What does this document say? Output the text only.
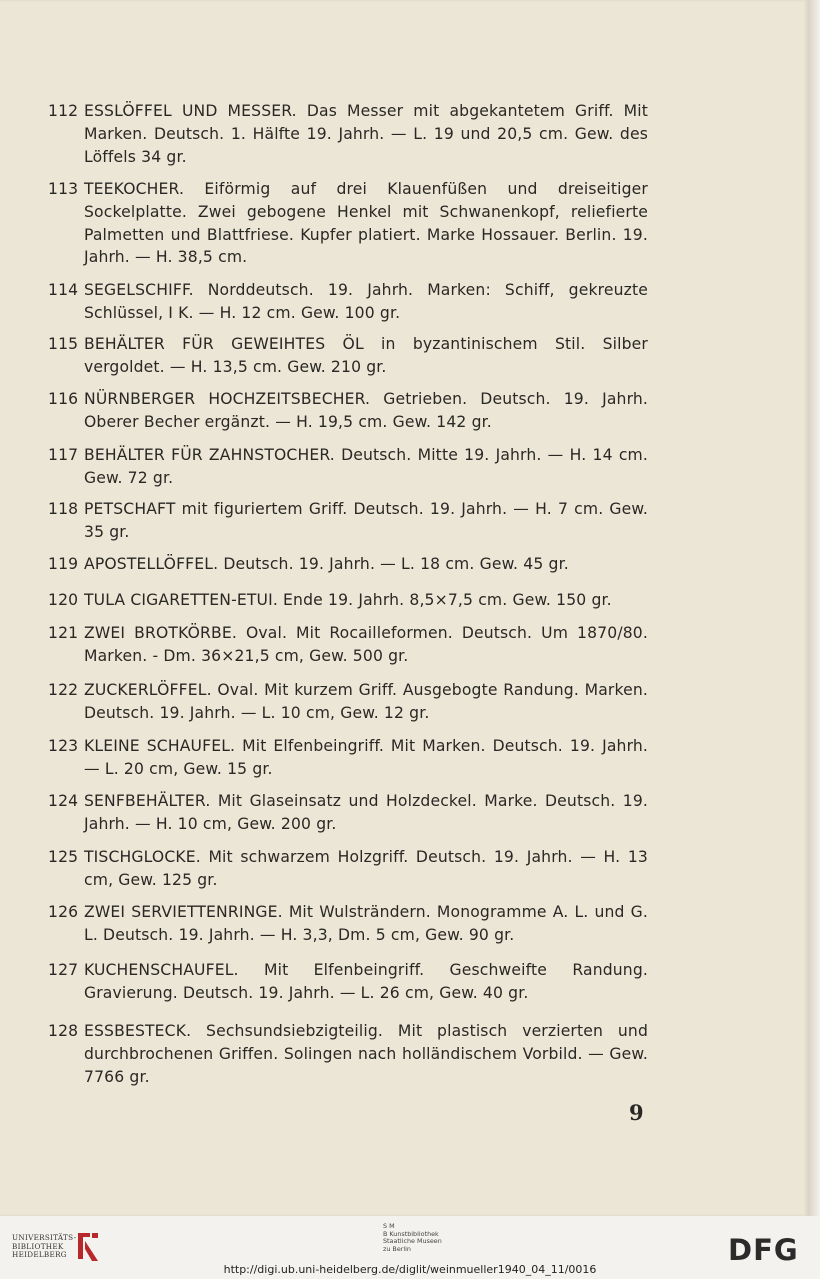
112 ESSLÖFFEL UND MESSER. Das Messer mit abgekantetem Griff. Mit Marken. Deutsch. 1. Hälfte 19. Jahrh. — L. 19 und 20,5 cm. Gew. des Löffels 34 gr.
113 TEEKOCHER. Eiförmig auf drei Klauenfüßen und dreiseitiger Sockelplatte. Zwei gebogene Henkel mit Schwanenkopf, reliefierte Palmetten und Blattfriese. Kupfer platiert. Marke Hossauer. Berlin. 19. Jahrh. — H. 38,5 cm.
114 SEGELSCHIFF. Norddeutsch. 19. Jahrh. Marken: Schiff, gekreuzte Schlüssel, I K. — H. 12 cm. Gew. 100 gr.
115 BEHÄLTER FÜR GEWEIHTES ÖL in byzantinischem Stil. Silber vergoldet. — H. 13,5 cm. Gew. 210 gr.
116 NÜRNBERGER HOCHZEITSBECHER. Getrieben. Deutsch. 19. Jahrh. Oberer Becher ergänzt. — H. 19,5 cm. Gew. 142 gr.
117 BEHÄLTER FÜR ZAHNSTOCHER. Deutsch. Mitte 19. Jahrh. — H. 14 cm. Gew. 72 gr.
118 PETSCHAFT mit figuriertem Griff. Deutsch. 19. Jahrh. — H. 7 cm. Gew. 35 gr.
119 APOSTELLÖFFEL. Deutsch. 19. Jahrh. — L. 18 cm. Gew. 45 gr.
120 TULA CIGARETTEN-ETUI. Ende 19. Jahrh. 8,5×7,5 cm. Gew. 150 gr.
121 ZWEI BROTKÖRBE. Oval. Mit Rocailleformen. Deutsch. Um 1870/80. Marken. - Dm. 36×21,5 cm, Gew. 500 gr.
122 ZUCKERLÖFFEL. Oval. Mit kurzem Griff. Ausgebogte Randung. Marken. Deutsch. 19. Jahrh. — L. 10 cm, Gew. 12 gr.
123 KLEINE SCHAUFEL. Mit Elfenbeingriff. Mit Marken. Deutsch. 19. Jahrh. — L. 20 cm, Gew. 15 gr.
124 SENFBEHÄLTER. Mit Glaseinsatz und Holzdeckel. Marke. Deutsch. 19. Jahrh. — H. 10 cm, Gew. 200 gr.
125 TISCHGLOCKE. Mit schwarzem Holzgriff. Deutsch. 19. Jahrh. — H. 13 cm, Gew. 125 gr.
126 ZWEI SERVIETTENRINGE. Mit Wulsträndern. Monogramme A. L. und G. L. Deutsch. 19. Jahrh. — H. 3,3, Dm. 5 cm, Gew. 90 gr.
127 KUCHENSCHAUFEL. Mit Elfenbeingriff. Geschweifte Randung. Gravierung. Deutsch. 19. Jahrh. — L. 26 cm, Gew. 40 gr.
128 ESSBESTECK. Sechsundsiebzigteilig. Mit plastisch verzierten und durchbrochenen Griffen. Solingen nach holländischem Vorbild. — Gew. 7766 gr.
9
UNIVERSITÄTS-
BIBLIOTHEK
HEIDELBERG
S M
B Kunstbibliothek
Staatliche Museen
zu Berlin	DFG
http://digi.ub.uni-heidelberg.de/diglit/weinmueller1940_04_11/0016
